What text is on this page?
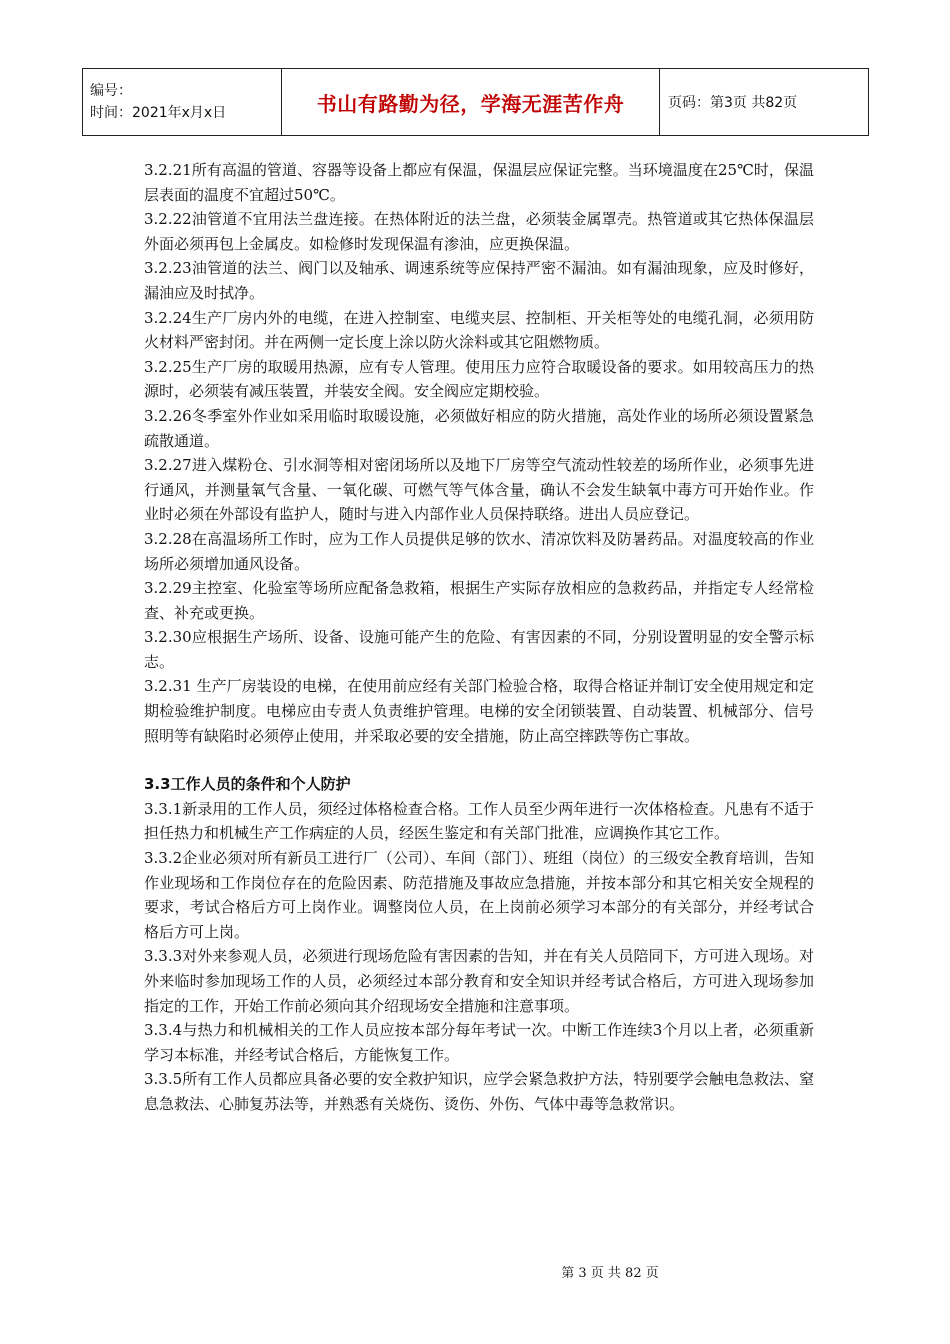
编号：
时间：2021年x月x日	书山有路勤为径，学海无涯苦作舟	页码：第3页 共82页

3.2.21所有高温的管道、容器等设备上都应有保温，保温层应保证完整。当环境温度在25℃时，保温层表面的温度不宜超过50℃。

3.2.22油管道不宜用法兰盘连接。在热体附近的法兰盘，必须装金属罩壳。热管道或其它热体保温层外面必须再包上金属皮。如检修时发现保温有渗油，应更换保温。

3.2.23油管道的法兰、阀门以及轴承、调速系统等应保持严密不漏油。如有漏油现象，应及时修好，漏油应及时拭净。

3.2.24生产厂房内外的电缆，在进入控制室、电缆夹层、控制柜、开关柜等处的电缆孔洞，必须用防火材料严密封闭。并在两侧一定长度上涂以防火涂料或其它阻燃物质。

3.2.25生产厂房的取暖用热源，应有专人管理。使用压力应符合取暖设备的要求。如用较高压力的热源时，必须装有减压装置，并装安全阀。安全阀应定期校验。

3.2.26冬季室外作业如采用临时取暖设施，必须做好相应的防火措施，高处作业的场所必须设置紧急疏散通道。

3.2.27进入煤粉仓、引水洞等相对密闭场所以及地下厂房等空气流动性较差的场所作业，必须事先进行通风，并测量氧气含量、一氧化碳、可燃气等气体含量，确认不会发生缺氧中毒方可开始作业。作业时必须在外部设有监护人，随时与进入内部作业人员保持联络。进出人员应登记。

3.2.28在高温场所工作时，应为工作人员提供足够的饮水、清凉饮料及防暑药品。对温度较高的作业场所必须增加通风设备。

3.2.29主控室、化验室等场所应配备急救箱，根据生产实际存放相应的急救药品，并指定专人经常检查、补充或更换。

3.2.30应根据生产场所、设备、设施可能产生的危险、有害因素的不同，分别设置明显的安全警示标志。

3.2.31 生产厂房装设的电梯，在使用前应经有关部门检验合格，取得合格证并制订安全使用规定和定期检验维护制度。电梯应由专责人负责维护管理。电梯的安全闭锁装置、自动装置、机械部分、信号照明等有缺陷时必须停止使用，并采取必要的安全措施，防止高空摔跌等伤亡事故。

3.3工作人员的条件和个人防护

3.3.1新录用的工作人员，须经过体格检查合格。工作人员至少两年进行一次体格检查。凡患有不适于担任热力和机械生产工作病症的人员，经医生鉴定和有关部门批准，应调换作其它工作。

3.3.2企业必须对所有新员工进行厂（公司）、车间（部门）、班组（岗位）的三级安全教育培训，告知作业现场和工作岗位存在的危险因素、防范措施及事故应急措施，并按本部分和其它相关安全规程的要求，考试合格后方可上岗作业。调整岗位人员，在上岗前必须学习本部分的有关部分，并经考试合格后方可上岗。

3.3.3对外来参观人员，必须进行现场危险有害因素的告知，并在有关人员陪同下，方可进入现场。对外来临时参加现场工作的人员，必须经过本部分教育和安全知识并经考试合格后，方可进入现场参加指定的工作，开始工作前必须向其介绍现场安全措施和注意事项。

3.3.4与热力和机械相关的工作人员应按本部分每年考试一次。中断工作连续3个月以上者，必须重新学习本标准，并经考试合格后，方能恢复工作。

3.3.5所有工作人员都应具备必要的安全救护知识，应学会紧急救护方法，特别要学会触电急救法、窒息急救法、心肺复苏法等，并熟悉有关烧伤、烫伤、外伤、气体中毒等急救常识。

第 3 页 共 82 页
